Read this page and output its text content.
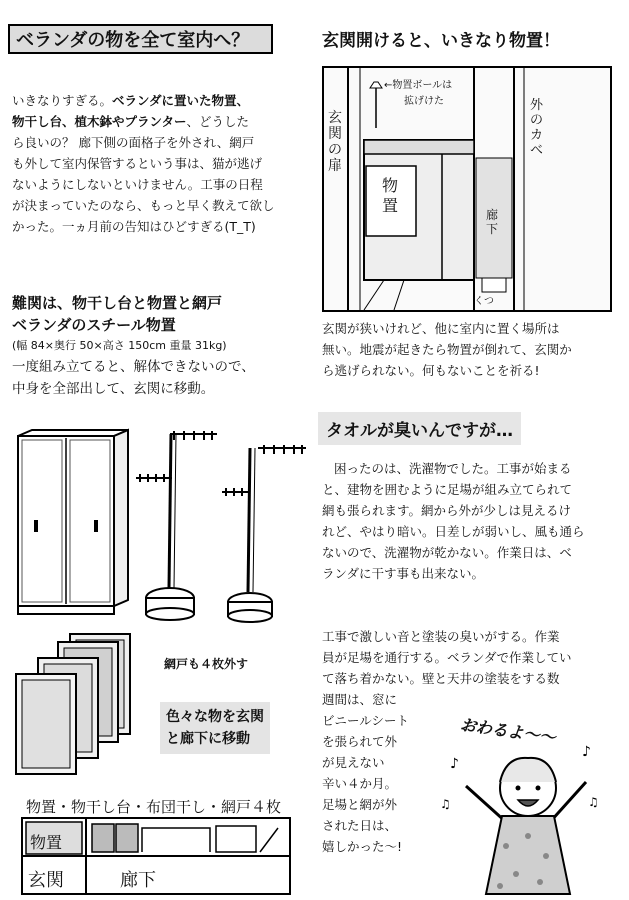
ベランダの物を全て室内へ？
いきなりすぎる。ベランダに置いた物置、
物干し台、植木鉢やプランター、どうした
ら良いの？ 廊下側の面格子を外され、網戸
も外して室内保管するという事は、猫が逃げ
ないようにしないといけません。工事の日程
が決まっていたのなら、もっと早く教えて欲し
かった。一ヵ月前の告知はひどすぎる(T_T)
難関は、物干し台と物置と網戸
ベランダのスチール物置
(幅 84×奥行 50×高さ 150cm 重量 31kg)
一度組み立てると、解体できないので、
中身を全部出して、玄関に移動。
網戸も４枚外す
色々な物を玄関
と廊下に移動
物置・物干し台・布団干し・網戸４枚
物置
玄関	廊下
玄関開けると、いきなり物置！
←物置ボールは
拡げけた
玄関の扉
物置	廊下
外のカベ
くつ
玄関が狭いけれど、他に室内に置く場所は
無い。地震が起きたら物置が倒れて、玄関か
ら逃げられない。何もないことを祈る!
タオルが臭いんですが…
困ったのは、洗濯物でした。工事が始まる
と、建物を囲むように足場が組み立てられて
網も張られます。網から外が少しは見えるけ
れど、やはり暗い。日差しが弱いし、風も通ら
ないので、洗濯物が乾かない。作業日は、ベ
ランダに干す事も出来ない。
工事で激しい音と塗装の臭いがする。作業
員が足場を通行する。ベランダで作業してい
て落ち着かない。壁と天井の塗装をする数
週間は、窓に
ビニールシート
を張られて外
が見えない
辛い４か月。
足場と網が外
された日は、
嬉しかった～!
♪
♪
♫
♫
おわるよ～～
